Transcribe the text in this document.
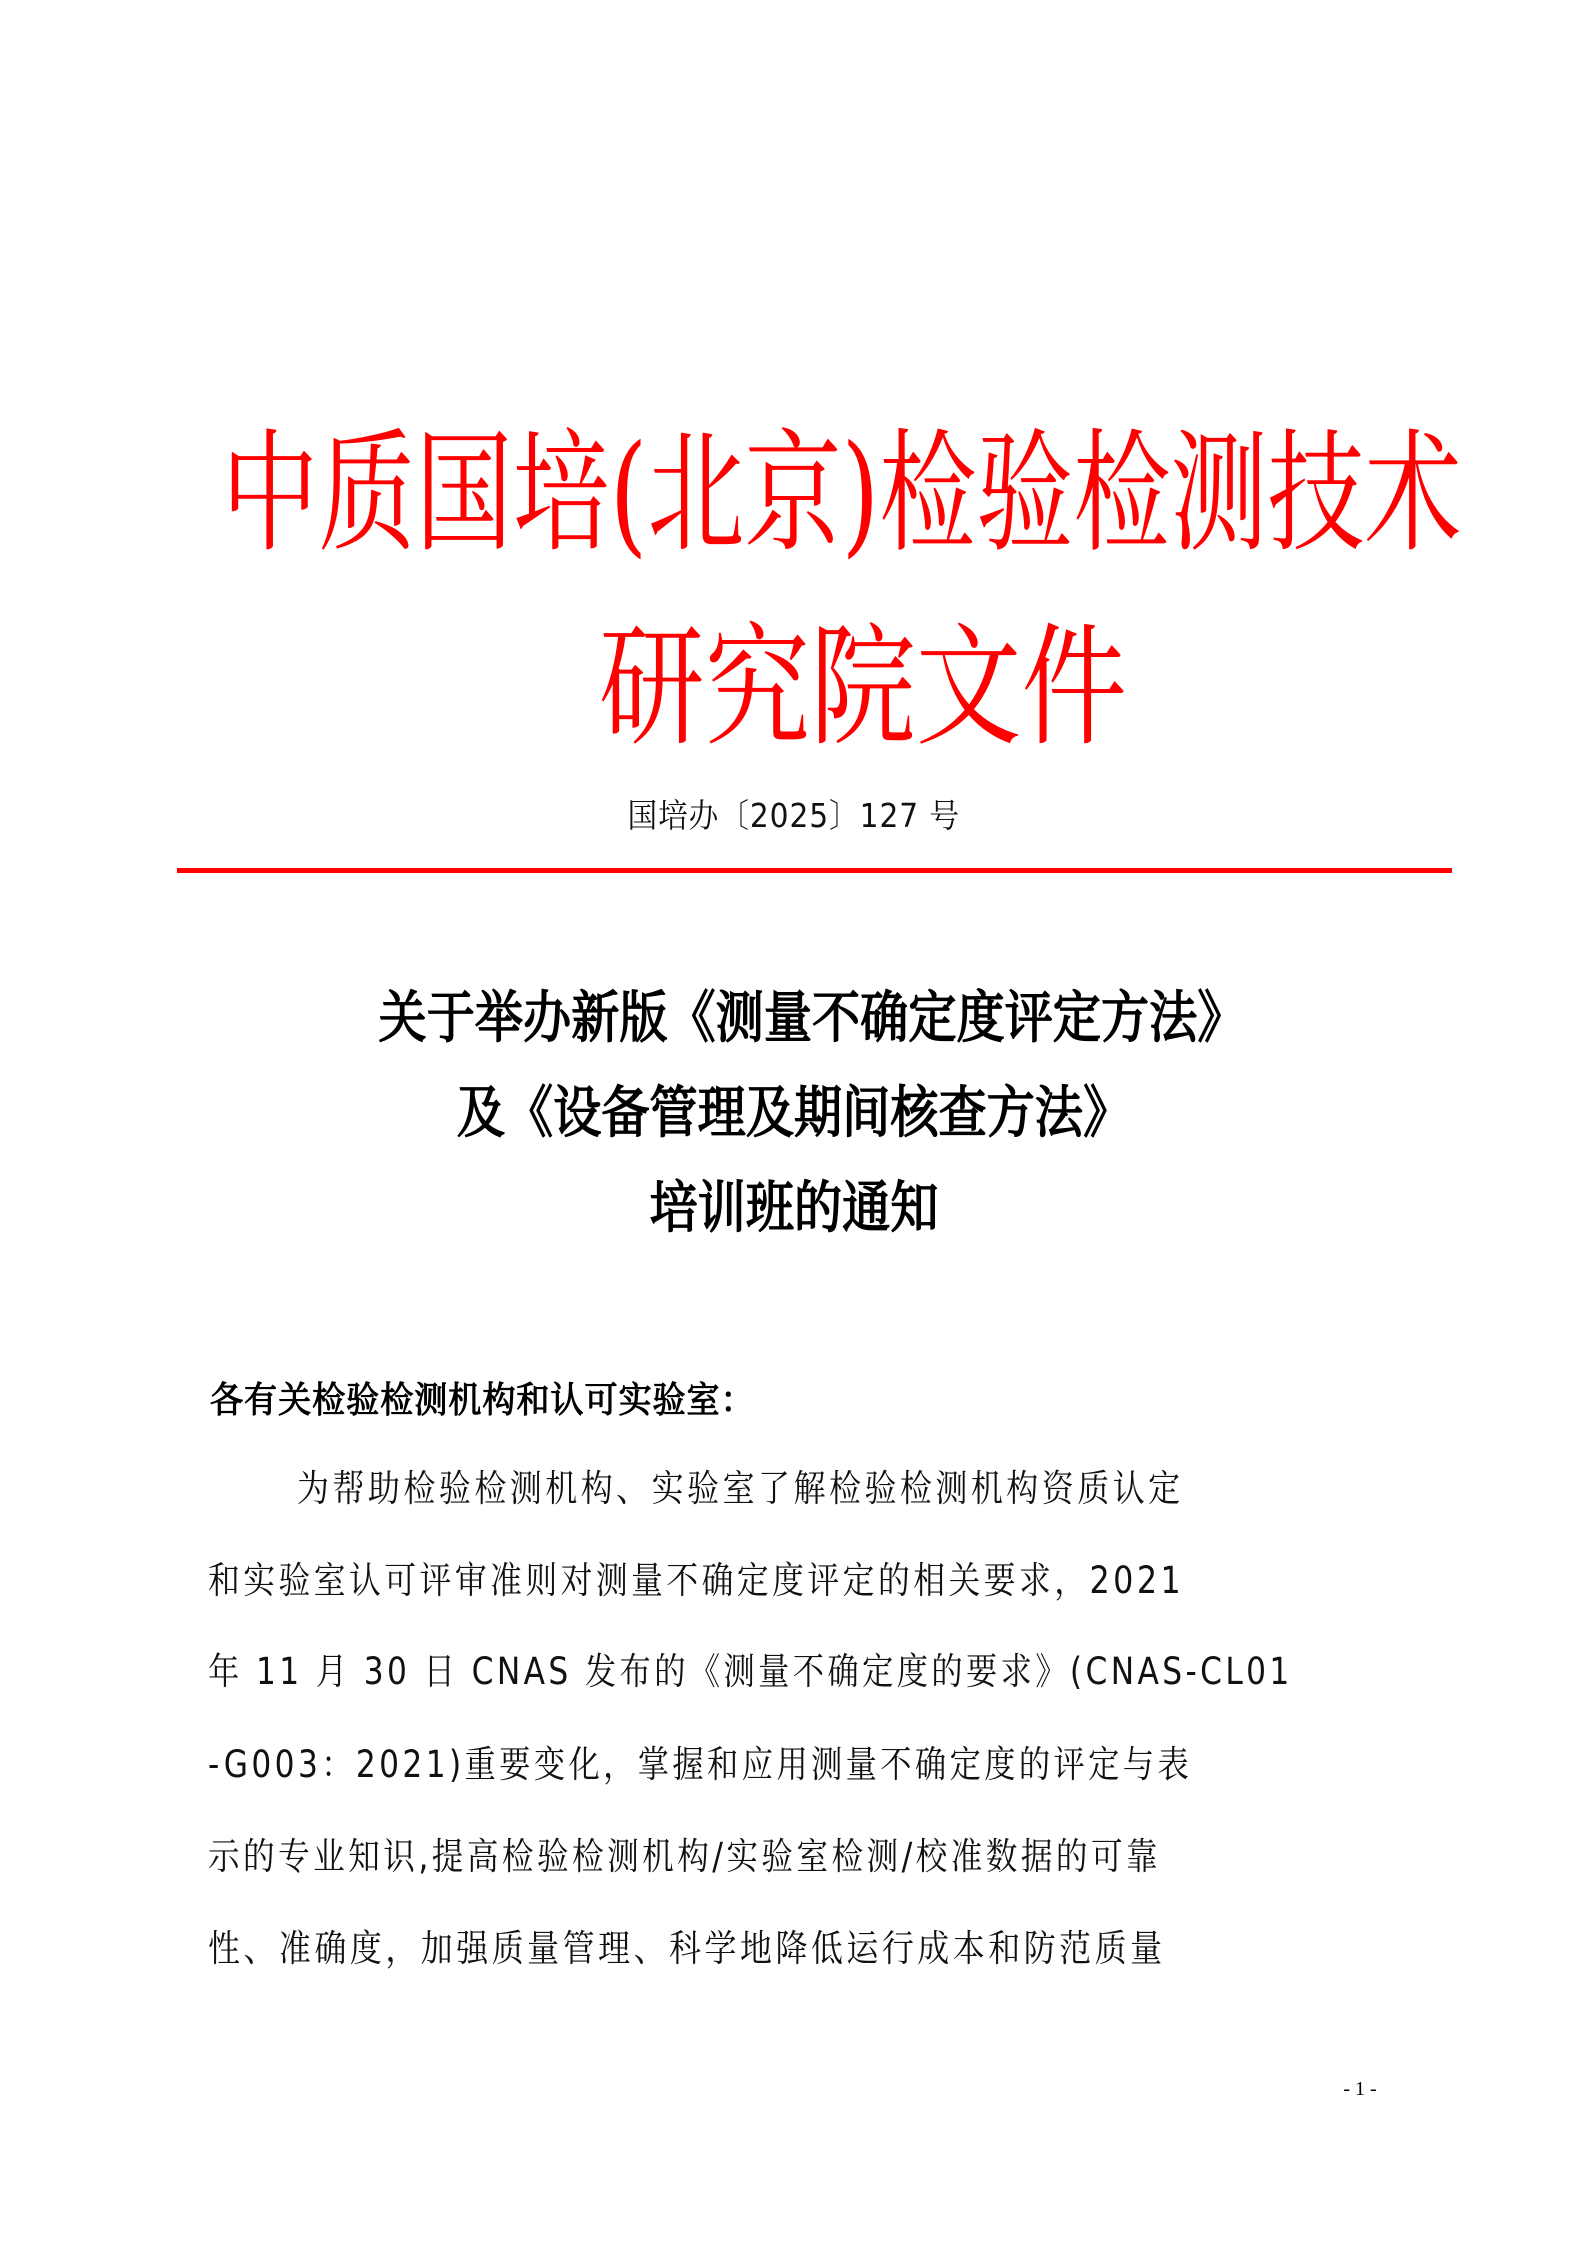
中质国培(北京)检验检测技术
研究院文件
国培办〔2025〕127 号
关于举办新版《测量不确定度评定方法》
及《设备管理及期间核查方法》
培训班的通知
各有关检验检测机构和认可实验室：
为帮助检验检测机构、实验室了解检验检测机构资质认定
和实验室认可评审准则对测量不确定度评定的相关要求，2021
年 11 月 30 日 CNAS 发布的《测量不确定度的要求》(CNAS-CL01
-G003：2021)重要变化，掌握和应用测量不确定度的评定与表
示的专业知识,提高检验检测机构/实验室检测/校准数据的可靠
性、准确度，加强质量管理、科学地降低运行成本和防范质量
- 1 -
